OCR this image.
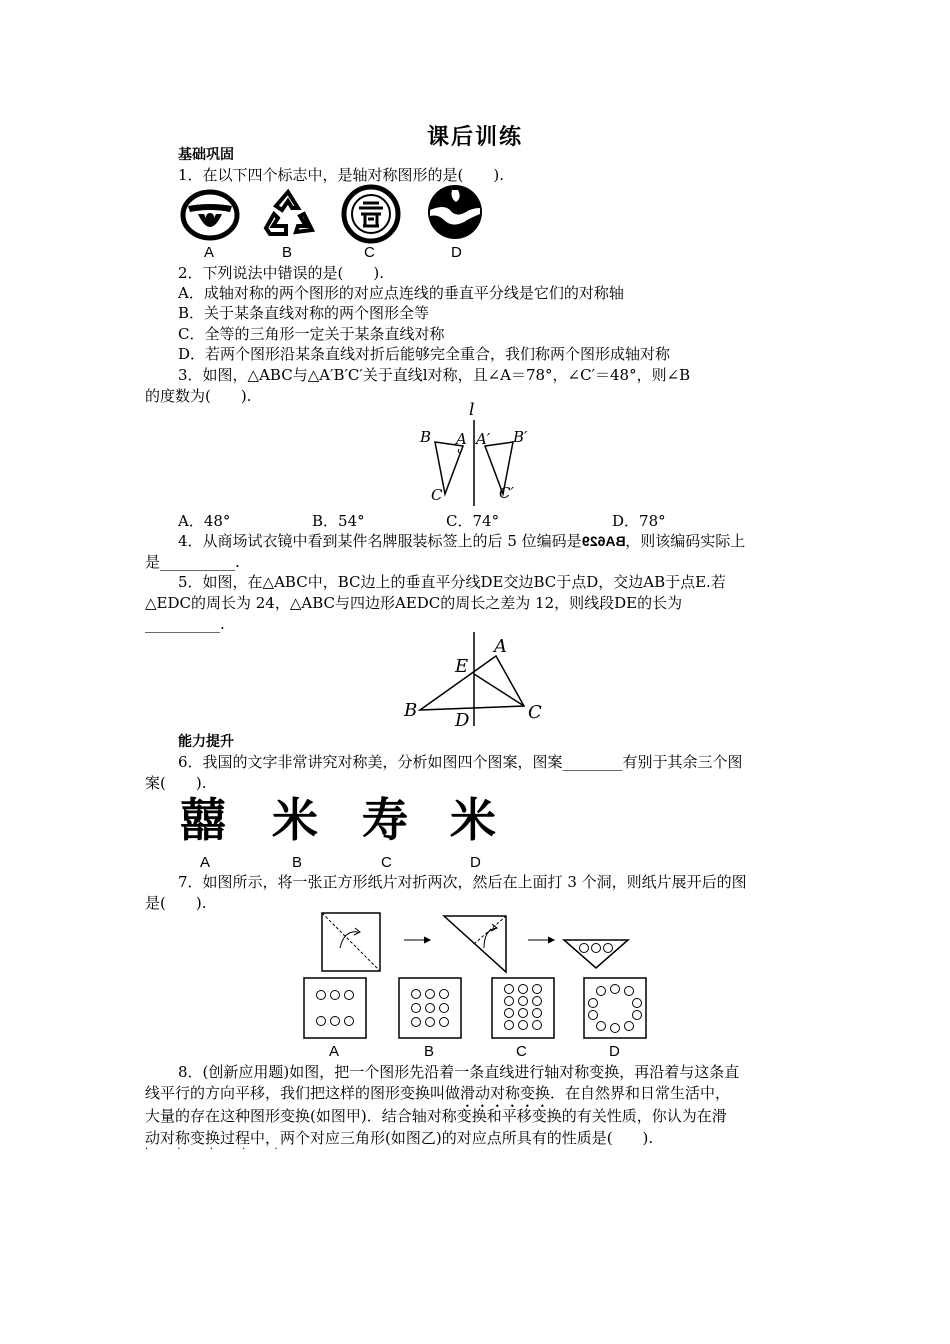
课后训练
基础巩固
1．在以下四个标志中，是轴对称图形的是(　　).
A	B	C	D
2．下列说法中错误的是(　　).
A．成轴对称的两个图形的对应点连线的垂直平分线是它们的对称轴
B．关于某条直线对称的两个图形全等
C．全等的三角形一定关于某条直线对称
D．若两个图形沿某条直线对折后能够完全重合，我们称两个图形成轴对称
3．如图，△ABC与△A′B′C′关于直线l对称，且∠A＝78°，∠C′＝48°，则∠B
的度数为(　　).
l
B A A′ B′
C	C′
A．48°	B．54°	C．74°	D．78°
4．从商场试衣镜中看到某件名牌服装标签上的后 5 位编码是BA629，则该编码实际上
是__________.
5．如图，在△ABC中，BC边上的垂直平分线DE交边BC于点D，交边AB于点E.若
△EDC的周长为 24，△ABC与四边形AEDC的周长之差为 12，则线段DE的长为
__________.
A
E
B D	C
能力提升
6．我国的文字非常讲究对称美，分析如图四个图案，图案________有别于其余三个图
案(　　).
囍 米 寿 米
A	B	C	D
7．如图所示，将一张正方形纸片对折两次，然后在上面打 3 个洞，则纸片展开后的图
是(　　).
A	B	C	D
8．(创新应用题)如图，把一个图形先沿着一条直线进行轴对称变换，再沿着与这条直
线平行的方向平移，我们把这样的图形变换叫做滑动对称变换．在自然界和日常生活中，
大量的存在这种图形变换(如图甲)．结合轴对称变换和平移变换的有关性质，你认为在滑
动对称变换过程中，两个对应三角形(如图乙)的对应点所具有的性质是(　　).
· · · · ·
